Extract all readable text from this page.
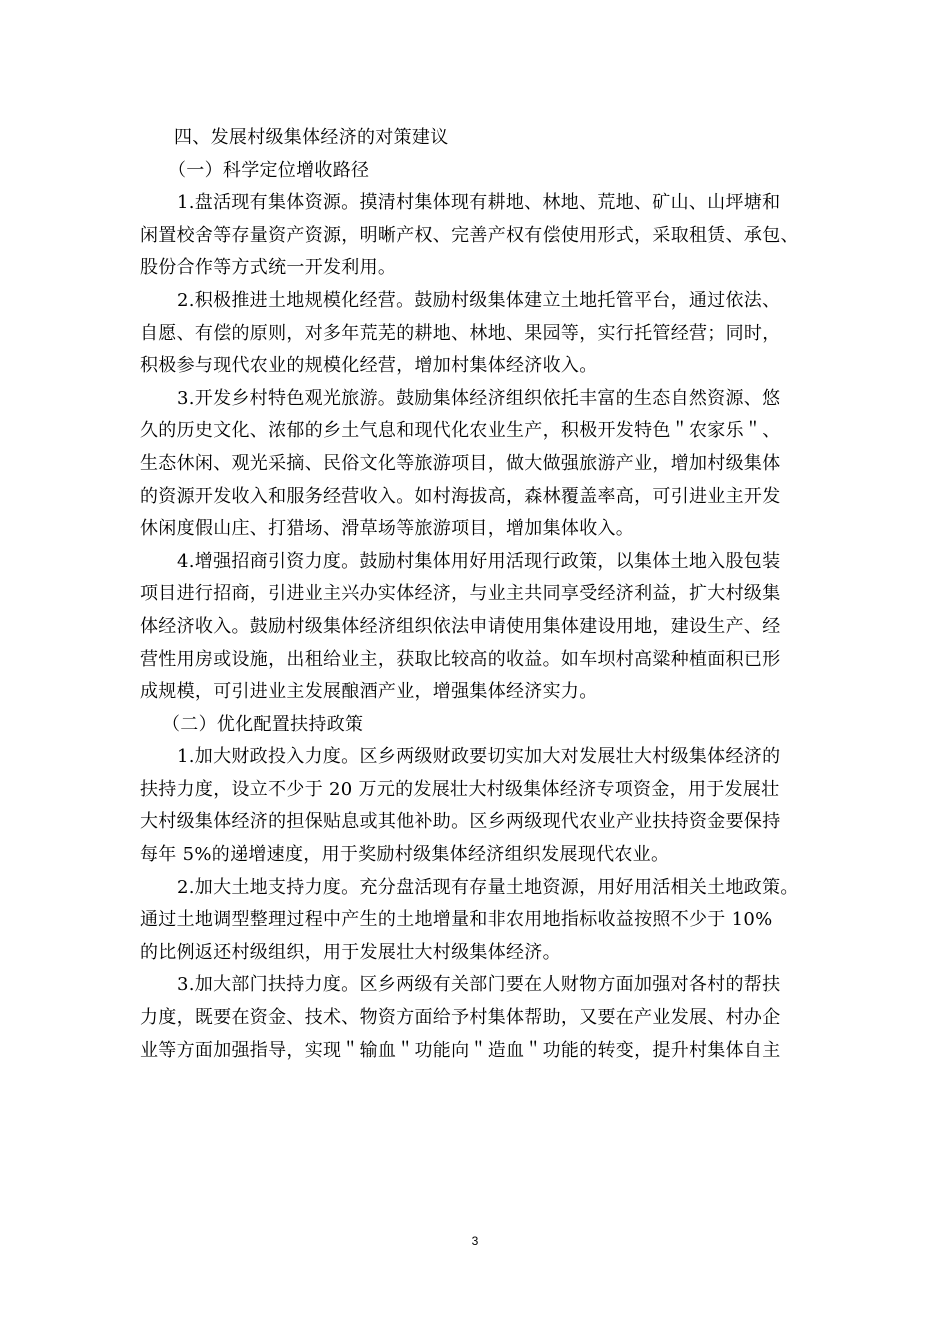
四、发展村级集体经济的对策建议

（一）科学定位增收路径

1.盘活现有集体资源。摸清村集体现有耕地、林地、荒地、矿山、山坪塘和

闲置校舍等存量资产资源，明晰产权、完善产权有偿使用形式，采取租赁、承包、

股份合作等方式统一开发利用。

2.积极推进土地规模化经营。鼓励村级集体建立土地托管平台，通过依法、

自愿、有偿的原则，对多年荒芜的耕地、林地、果园等，实行托管经营；同时，

积极参与现代农业的规模化经营，增加村集体经济收入。

3.开发乡村特色观光旅游。鼓励集体经济组织依托丰富的生态自然资源、悠

久的历史文化、浓郁的乡土气息和现代化农业生产，积极开发特色＂农家乐＂、

生态休闲、观光采摘、民俗文化等旅游项目，做大做强旅游产业，增加村级集体

的资源开发收入和服务经营收入。如村海拔高，森林覆盖率高，可引进业主开发

休闲度假山庄、打猎场、滑草场等旅游项目，增加集体收入。

4.增强招商引资力度。鼓励村集体用好用活现行政策，以集体土地入股包装

项目进行招商，引进业主兴办实体经济，与业主共同享受经济利益，扩大村级集

体经济收入。鼓励村级集体经济组织依法申请使用集体建设用地，建设生产、经

营性用房或设施，出租给业主，获取比较高的收益。如车坝村高粱种植面积已形

成规模，可引进业主发展酿酒产业，增强集体经济实力。

（二）优化配置扶持政策

1.加大财政投入力度。区乡两级财政要切实加大对发展壮大村级集体经济的

扶持力度，设立不少于 20 万元的发展壮大村级集体经济专项资金，用于发展壮

大村级集体经济的担保贴息或其他补助。区乡两级现代农业产业扶持资金要保持

每年 5%的递增速度，用于奖励村级集体经济组织发展现代农业。

2.加大土地支持力度。充分盘活现有存量土地资源，用好用活相关土地政策。

通过土地调型整理过程中产生的土地增量和非农用地指标收益按照不少于 10%

的比例返还村级组织，用于发展壮大村级集体经济。

3.加大部门扶持力度。区乡两级有关部门要在人财物方面加强对各村的帮扶

力度，既要在资金、技术、物资方面给予村集体帮助，又要在产业发展、村办企

业等方面加强指导，实现＂输血＂功能向＂造血＂功能的转变，提升村集体自主

3
